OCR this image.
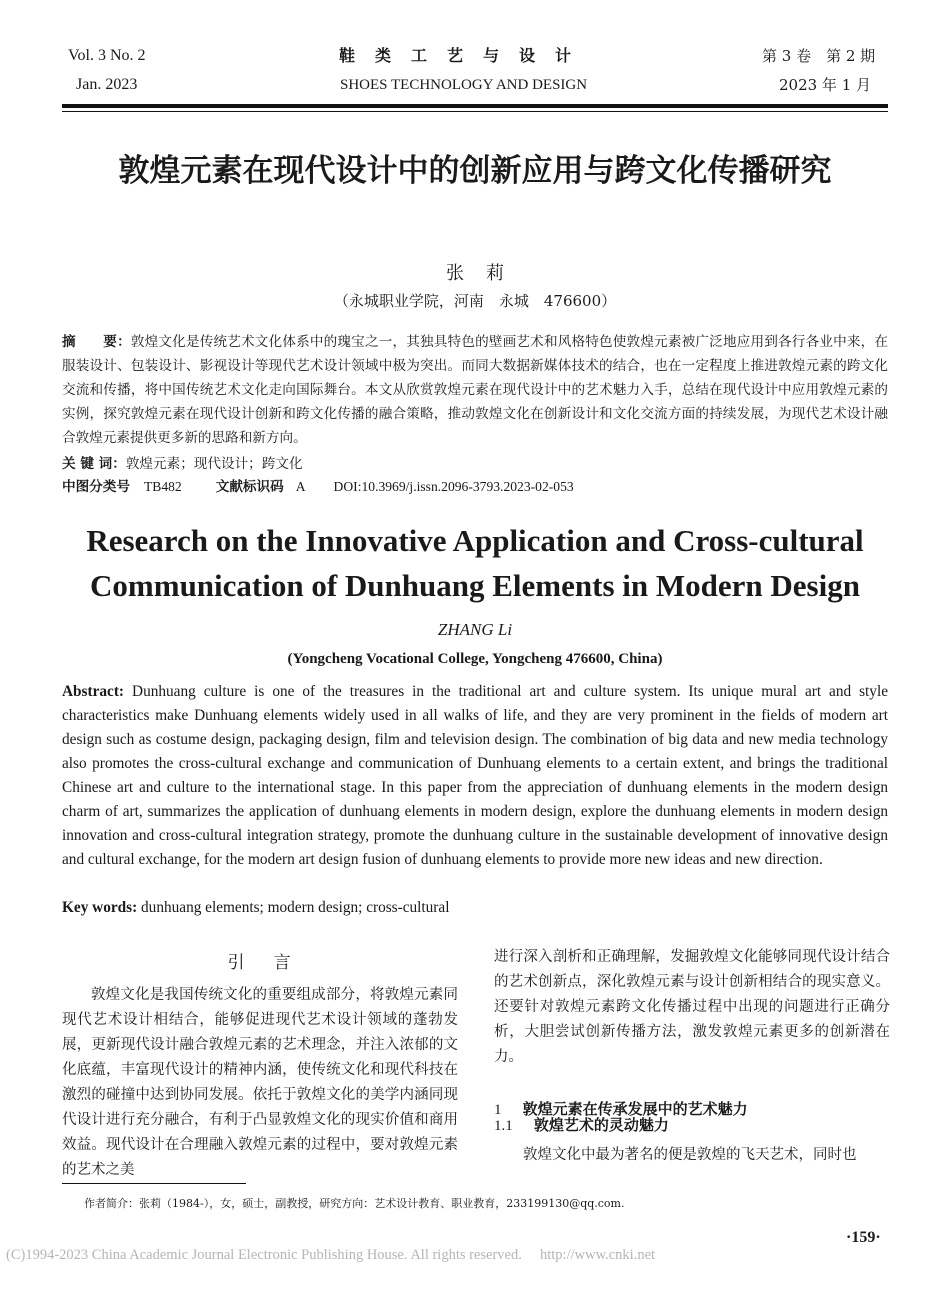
Vol. 3 No. 2
Jan. 2023
鞋类工艺与设计
SHOES TECHNOLOGY AND DESIGN
第 3 卷　第 2 期
2023 年 1 月
敦煌元素在现代设计中的创新应用与跨文化传播研究
张莉
（永城职业学院，河南　永城　476600）
摘　　要：敦煌文化是传统艺术文化体系中的瑰宝之一，其独具特色的壁画艺术和风格特色使敦煌元素被广泛地应用到各行各业中来，在服装设计、包装设计、影视设计等现代艺术设计领域中极为突出。而同大数据新媒体技术的结合，也在一定程度上推进敦煌元素的跨文化交流和传播，将中国传统艺术文化走向国际舞台。本文从欣赏敦煌元素在现代设计中的艺术魅力入手，总结在现代设计中应用敦煌元素的实例，探究敦煌元素在现代设计创新和跨文化传播的融合策略，推动敦煌文化在创新设计和文化交流方面的持续发展，为现代艺术设计融合敦煌元素提供更多新的思路和新方向。
关 键 词：敦煌元素；现代设计；跨文化
中图分类号 TB482	文献标识码 A DOI:10.3969/j.issn.2096-3793.2023-02-053
Research on the Innovative Application and Cross-cultural
Communication of Dunhuang Elements in Modern Design
ZHANG Li
(Yongcheng Vocational College, Yongcheng 476600, China)
Abstract: Dunhuang culture is one of the treasures in the traditional art and culture system. Its unique mural art and style characteristics make Dunhuang elements widely used in all walks of life, and they are very prominent in the fields of modern art design such as costume design, packaging design, film and television design. The combination of big data and new media technology also promotes the cross-cultural exchange and communication of Dunhuang elements to a certain extent, and brings the traditional Chinese art and culture to the international stage. In this paper from the appreciation of dunhuang elements in the modern design charm of art, summarizes the application of dunhuang elements in modern design, explore the dunhuang elements in modern design innovation and cross-cultural integration strategy, promote the dunhuang culture in the sustainable development of innovative design and cultural exchange, for the modern art design fusion of dunhuang elements to provide more new ideas and new direction.
Key words: dunhuang elements; modern design; cross-cultural
引　言
敦煌文化是我国传统文化的重要组成部分，将敦煌元素同现代艺术设计相结合，能够促进现代艺术设计领域的蓬勃发展，更新现代设计融合敦煌元素的艺术理念，并注入浓郁的文化底蕴，丰富现代设计的精神内涵，使传统文化和现代科技在激烈的碰撞中达到协同发展。依托于敦煌文化的美学内涵同现代设计进行充分融合，有利于凸显敦煌文化的现实价值和商用效益。现代设计在合理融入敦煌元素的过程中，要对敦煌元素的艺术之美
进行深入剖析和正确理解，发掘敦煌文化能够同现代设计结合的艺术创新点，深化敦煌元素与设计创新相结合的现实意义。还要针对敦煌元素跨文化传播过程中出现的问题进行正确分析，大胆尝试创新传播方法，激发敦煌元素更多的创新潜在力。
1 敦煌元素在传承发展中的艺术魅力
1.1 敦煌艺术的灵动魅力
敦煌文化中最为著名的便是敦煌的飞天艺术，同时也
作者简介：张莉（1984-），女，硕士，副教授，研究方向：艺术设计教育、职业教育，233199130@qq.com.
·159·
(C)1994-2023 China Academic Journal Electronic Publishing House. All rights reserved.　 http://www.cnki.net
